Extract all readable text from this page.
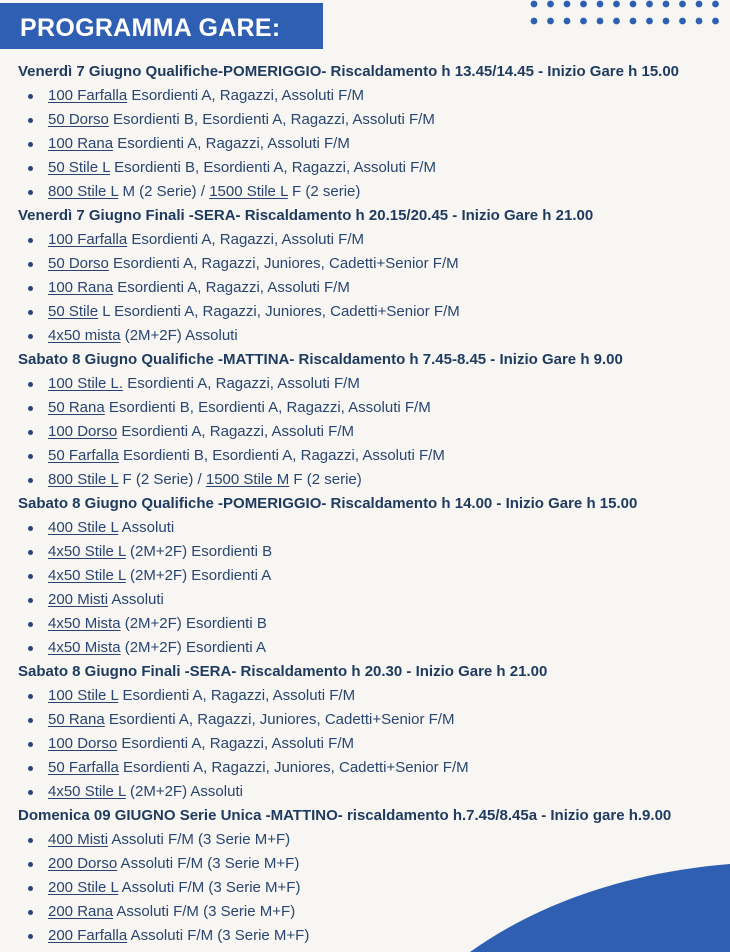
PROGRAMMA GARE:
Venerdì 7 Giugno Qualifiche-POMERIGGIO- Riscaldamento h 13.45/14.45 - Inizio Gare h 15.00
100 Farfalla Esordienti A, Ragazzi, Assoluti F/M
50 Dorso Esordienti B, Esordienti A, Ragazzi, Assoluti F/M
100 Rana Esordienti A, Ragazzi, Assoluti F/M
50 Stile L Esordienti B, Esordienti A, Ragazzi, Assoluti F/M
800 Stile L M (2 Serie) / 1500 Stile L F (2 serie)
Venerdì 7 Giugno Finali -SERA- Riscaldamento h 20.15/20.45 - Inizio Gare h 21.00
100 Farfalla Esordienti A, Ragazzi, Assoluti F/M
50 Dorso Esordienti A, Ragazzi, Juniores, Cadetti+Senior F/M
100 Rana Esordienti A, Ragazzi, Assoluti F/M
50 Stile L Esordienti A, Ragazzi, Juniores, Cadetti+Senior F/M
4x50 mista (2M+2F) Assoluti
Sabato 8 Giugno Qualifiche -MATTINA- Riscaldamento h 7.45-8.45 - Inizio Gare h 9.00
100 Stile L. Esordienti A, Ragazzi, Assoluti F/M
50 Rana Esordienti B, Esordienti A, Ragazzi, Assoluti F/M
100 Dorso Esordienti A, Ragazzi, Assoluti F/M
50 Farfalla Esordienti B, Esordienti A, Ragazzi, Assoluti F/M
800 Stile L F (2 Serie) / 1500 Stile M F (2 serie)
Sabato 8 Giugno Qualifiche -POMERIGGIO- Riscaldamento h 14.00 - Inizio Gare h 15.00
400 Stile L Assoluti
4x50 Stile L (2M+2F) Esordienti B
4x50 Stile L (2M+2F) Esordienti A
200 Misti Assoluti
4x50 Mista (2M+2F) Esordienti B
4x50 Mista (2M+2F) Esordienti A
Sabato 8 Giugno Finali -SERA- Riscaldamento h 20.30 - Inizio Gare h 21.00
100 Stile L Esordienti A, Ragazzi, Assoluti F/M
50 Rana Esordienti A, Ragazzi, Juniores, Cadetti+Senior F/M
100 Dorso Esordienti A, Ragazzi, Assoluti F/M
50 Farfalla Esordienti A, Ragazzi, Juniores, Cadetti+Senior F/M
4x50 Stile L (2M+2F) Assoluti
Domenica 09 GIUGNO Serie Unica -MATTINO- riscaldamento h.7.45/8.45a - Inizio gare h.9.00
400 Misti Assoluti F/M (3 Serie M+F)
200 Dorso Assoluti F/M (3 Serie M+F)
200 Stile L Assoluti F/M (3 Serie M+F)
200 Rana Assoluti F/M (3 Serie M+F)
200 Farfalla Assoluti F/M (3 Serie M+F)
